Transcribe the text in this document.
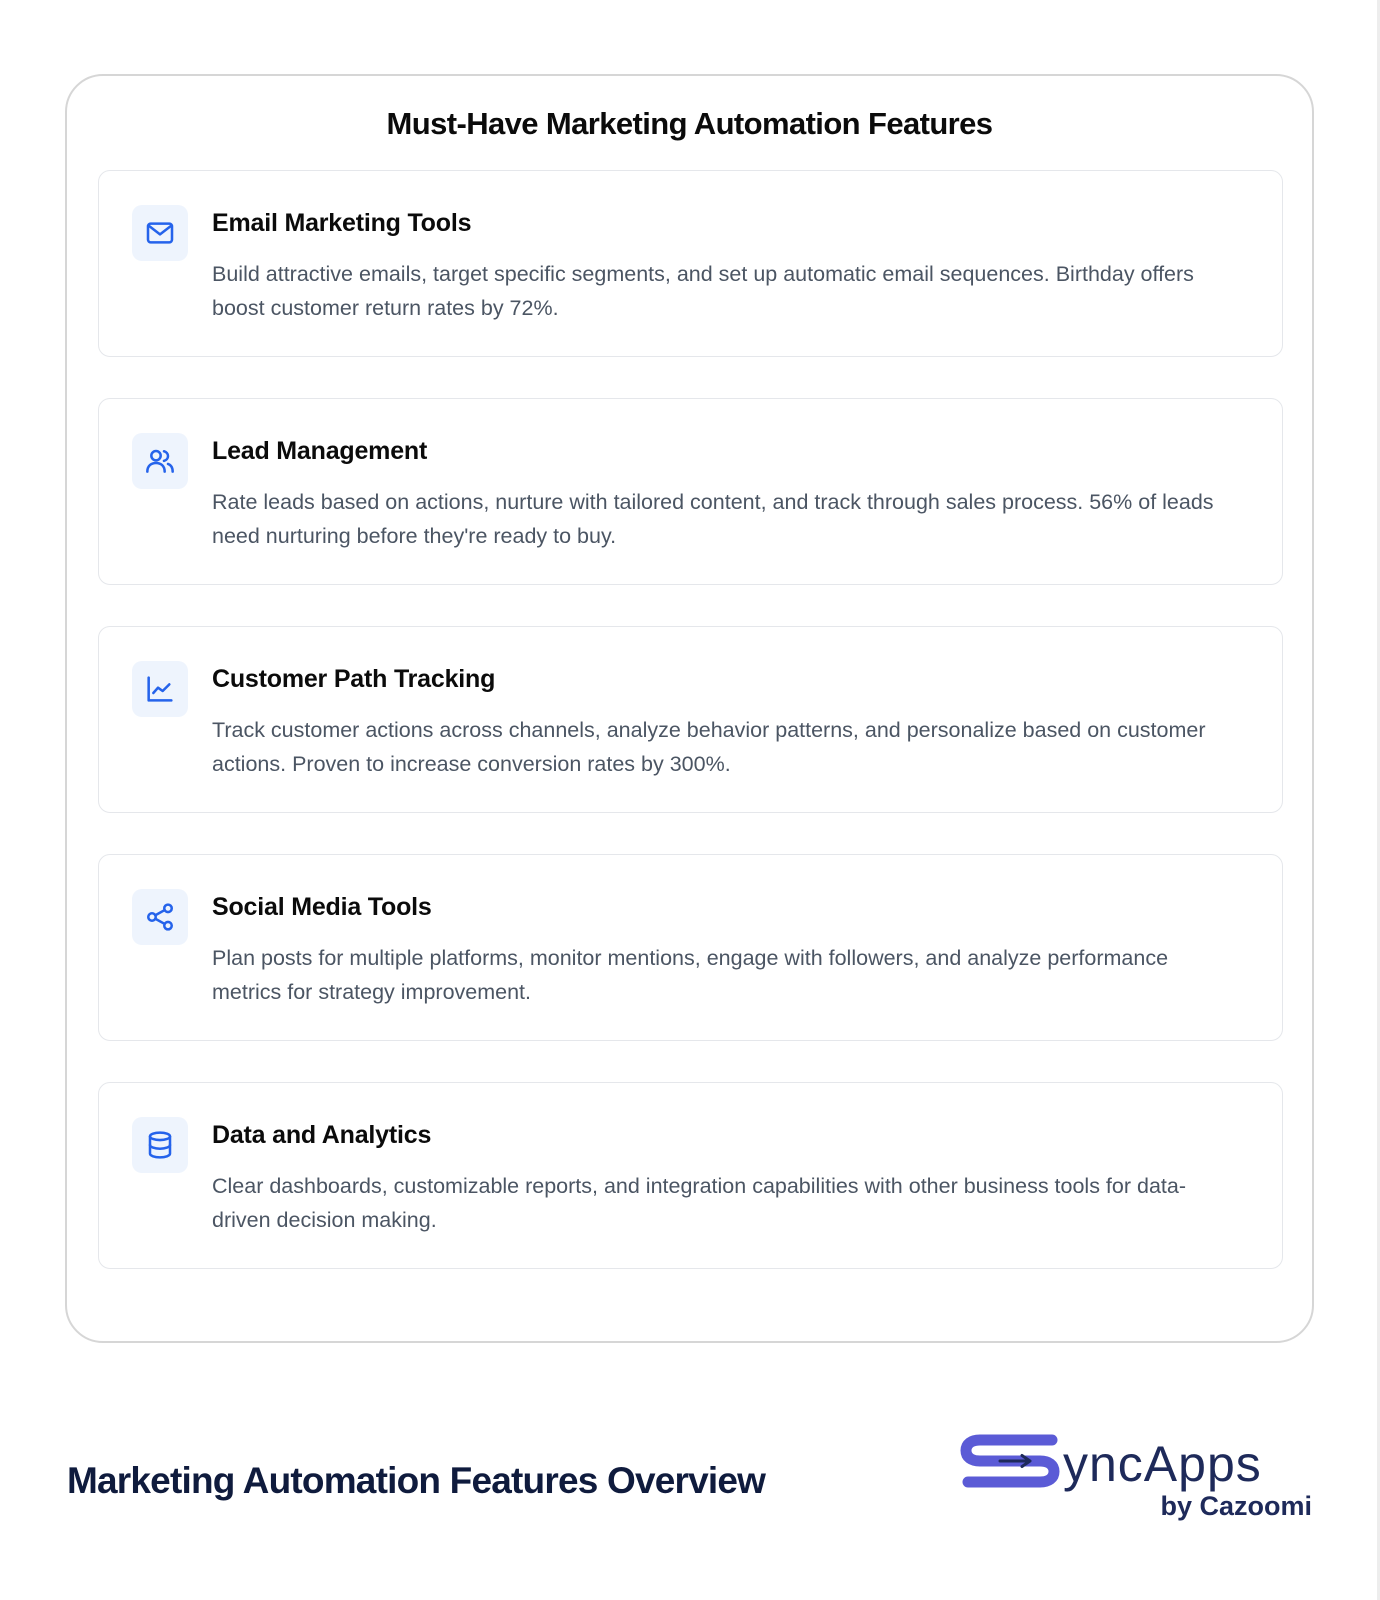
Must-Have Marketing Automation Features
Email Marketing Tools
Build attractive emails, target specific segments, and set up automatic email sequences. Birthday offers boost customer return rates by 72%.
Lead Management
Rate leads based on actions, nurture with tailored content, and track through sales process. 56% of leads need nurturing before they're ready to buy.
Customer Path Tracking
Track customer actions across channels, analyze behavior patterns, and personalize based on customer actions. Proven to increase conversion rates by 300%.
Social Media Tools
Plan posts for multiple platforms, monitor mentions, engage with followers, and analyze performance metrics for strategy improvement.
Data and Analytics
Clear dashboards, customizable reports, and integration capabilities with other business tools for data-driven decision making.
Marketing Automation Features Overview	yncApps
by Cazoomi
